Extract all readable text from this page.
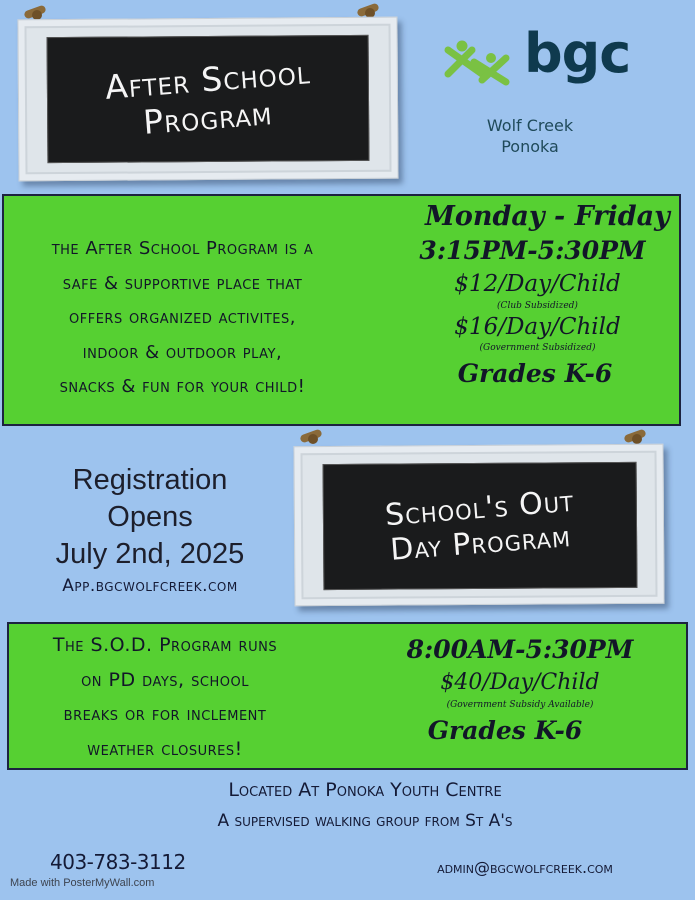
After School
Program
bgc
Wolf Creek
Ponoka
the After School Program is a
safe & supportive place that
offers organized activites,
indoor & outdoor play,
snacks & fun for your child!
Monday - Friday
3:15PM-5:30PM
$12/Day/Child
(Club Subsidized)
$16/Day/Child
(Government Subsidized)
Grades K-6
Registration
Opens
July 2nd, 2025
App.bgcwolfcreek.com
School's Out
Day Program
The S.O.D. Program runs
on PD days, school
breaks or for inclement
weather closures!
8:00AM-5:30PM
$40/Day/Child
(Government Subsidy Available)
Grades K-6
Located At Ponoka Youth Centre
A supervised walking group from St A's
403-783-3112	admin@bgcwolfcreek.com
Made with PosterMyWall.com
